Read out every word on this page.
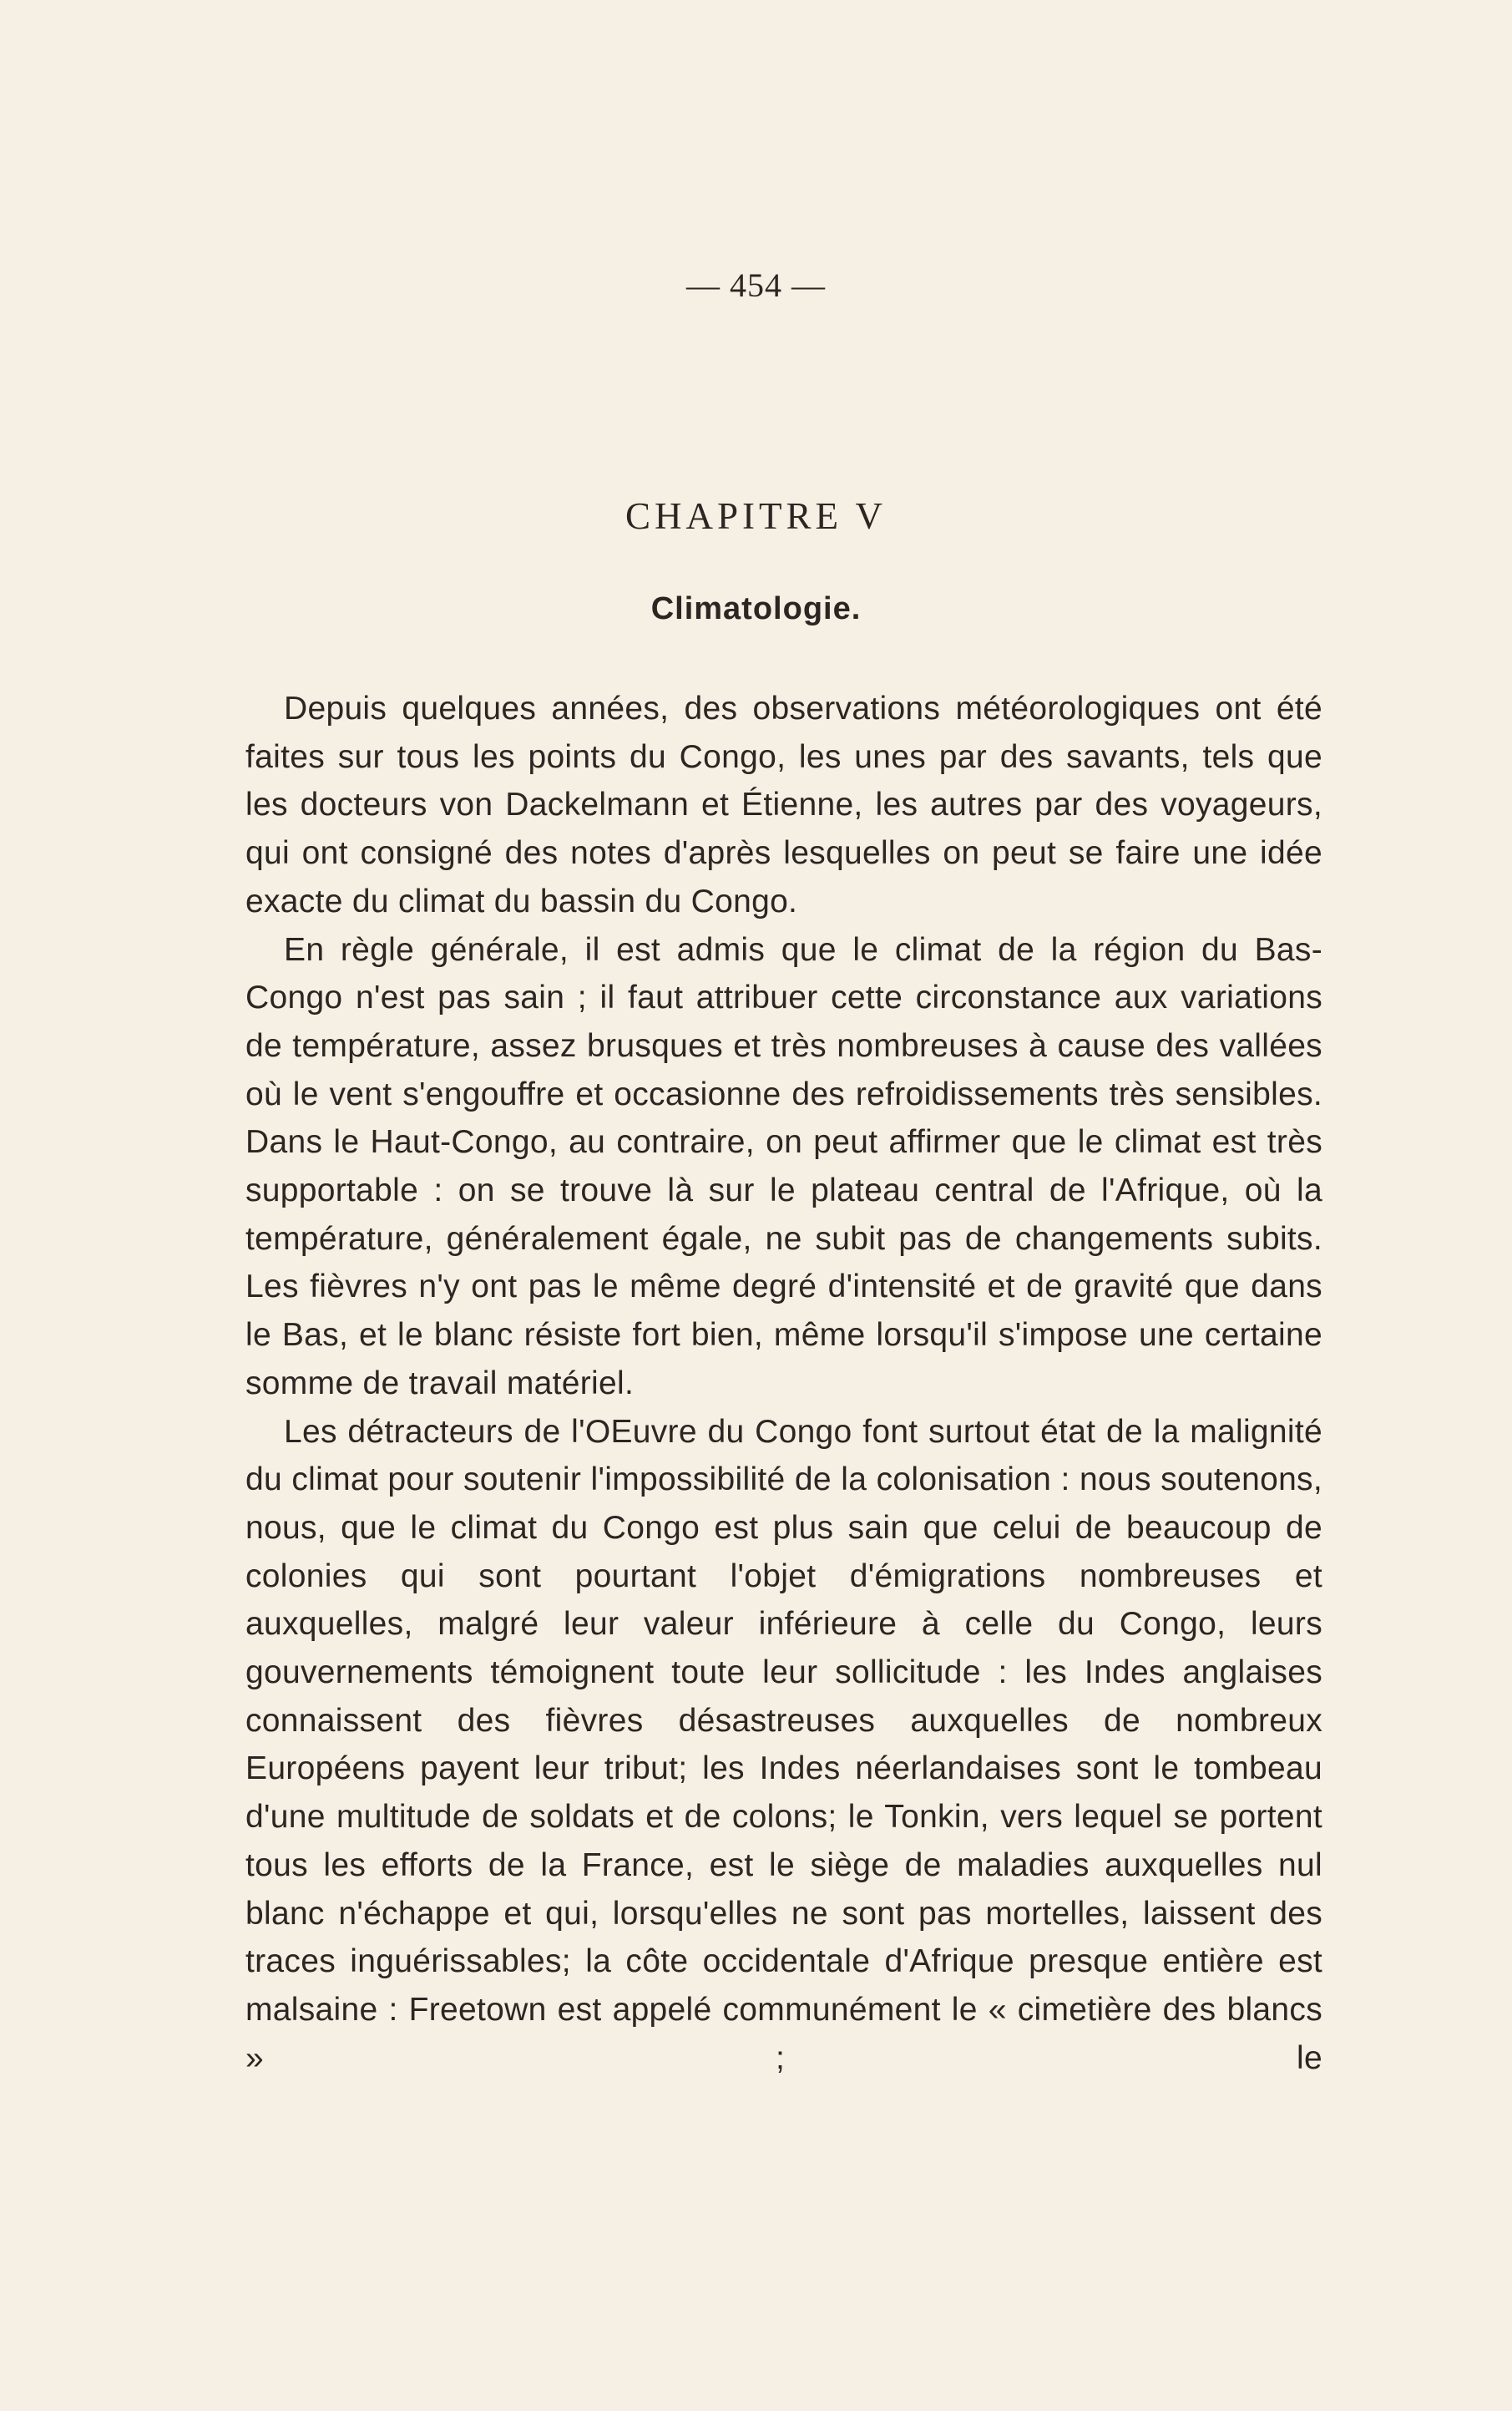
— 454 —
CHAPITRE V
Climatologie.

Depuis quelques années, des observations météorologiques ont été faites sur tous les points du Congo, les unes par des savants, tels que les docteurs von Dackelmann et Étienne, les autres par des voyageurs, qui ont consigné des notes d'après lesquelles on peut se faire une idée exacte du climat du bassin du Congo.

En règle générale, il est admis que le climat de la région du Bas-Congo n'est pas sain ; il faut attribuer cette circonstance aux variations de température, assez brusques et très nombreuses à cause des vallées où le vent s'engouffre et occasionne des refroidissements très sensibles. Dans le Haut-Congo, au contraire, on peut affirmer que le climat est très supportable : on se trouve là sur le plateau central de l'Afrique, où la température, généralement égale, ne subit pas de changements subits. Les fièvres n'y ont pas le même degré d'intensité et de gravité que dans le Bas, et le blanc résiste fort bien, même lorsqu'il s'impose une certaine somme de travail matériel.

Les détracteurs de l'OEuvre du Congo font surtout état de la malignité du climat pour soutenir l'impossibilité de la colonisation : nous soutenons, nous, que le climat du Congo est plus sain que celui de beaucoup de colonies qui sont pourtant l'objet d'émigrations nombreuses et auxquelles, malgré leur valeur inférieure à celle du Congo, leurs gouvernements témoignent toute leur sollicitude : les Indes anglaises connaissent des fièvres désastreuses auxquelles de nombreux Européens payent leur tribut; les Indes néerlandaises sont le tombeau d'une multitude de soldats et de colons; le Tonkin, vers lequel se portent tous les efforts de la France, est le siège de maladies auxquelles nul blanc n'échappe et qui, lorsqu'elles ne sont pas mortelles, laissent des traces inguérissables; la côte occidentale d'Afrique presque entière est malsaine : Freetown est appelé communément le « cimetière des blancs » ; le
